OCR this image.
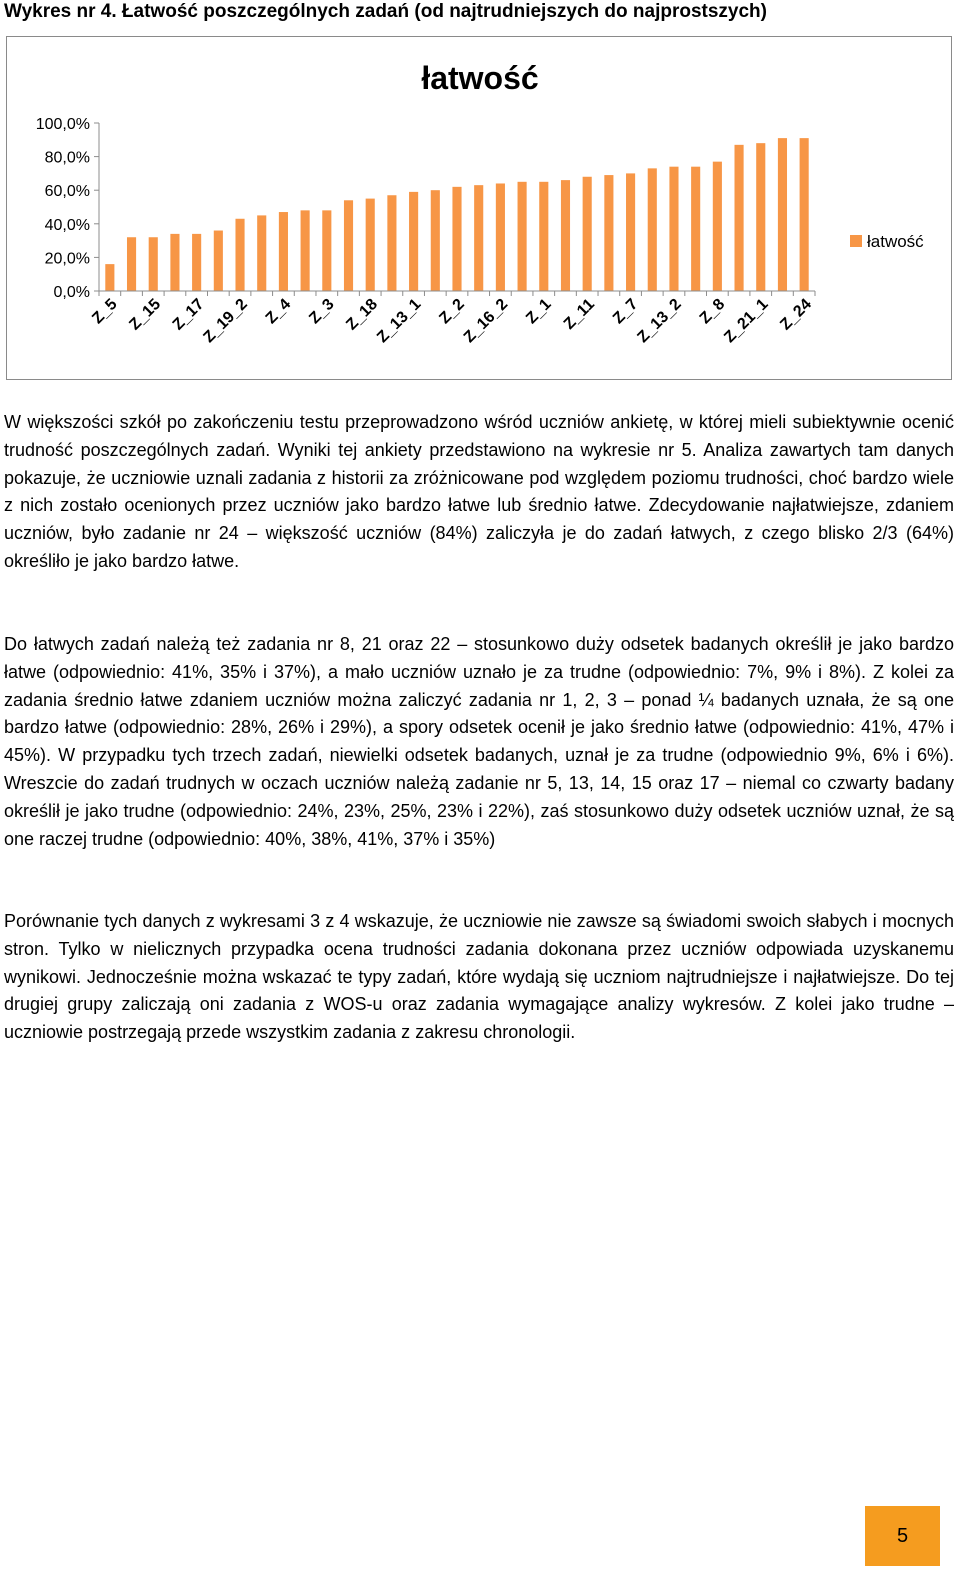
Wykres nr 4. Łatwość poszczególnych zadań (od najtrudniejszych do najprostszych)
łatwość
100,0%
80,0%
60,0%
40,0%
20,0%
0,0%
Z_5 Z_15 Z_17
Z_19_2 Z_4 Z_3 Z_18
Z_13_1 Z_2
Z_16_2 Z_1 Z_11 Z_7
Z_13_2 Z_8
Z_21_1 Z_24
łatwość
W większości szkół po zakończeniu testu przeprowadzono wśród uczniów ankietę, w której mieli subiektywnie ocenić trudność poszczególnych zadań. Wyniki tej ankiety przedstawiono na wykresie nr 5. Analiza zawartych tam danych pokazuje, że uczniowie uznali zadania z historii za zróżnicowane pod względem poziomu trudności, choć bardzo wiele z nich zostało ocenionych przez uczniów jako bardzo łatwe lub średnio łatwe. Zdecydowanie najłatwiejsze, zdaniem uczniów, było zadanie nr 24 – większość uczniów (84%) zaliczyła je do zadań łatwych, z czego blisko 2/3 (64%) określiło je jako bardzo łatwe.
Do łatwych zadań należą też zadania nr 8, 21 oraz 22 – stosunkowo duży odsetek badanych określił je jako bardzo łatwe (odpowiednio: 41%, 35% i 37%), a mało uczniów uznało je za trudne (odpowiednio: 7%, 9% i 8%). Z kolei za zadania średnio łatwe zdaniem uczniów można zaliczyć zadania nr 1, 2, 3 – ponad ¼ badanych uznała, że są one bardzo łatwe (odpowiednio: 28%, 26% i 29%), a spory odsetek ocenił je jako średnio łatwe (odpowiednio: 41%, 47% i 45%). W przypadku tych trzech zadań, niewielki odsetek badanych, uznał je za trudne (odpowiednio 9%, 6% i 6%). Wreszcie do zadań trudnych w oczach uczniów należą zadanie nr 5, 13, 14, 15 oraz 17 – niemal co czwarty badany określił je jako trudne (odpowiednio: 24%, 23%, 25%, 23% i 22%), zaś stosunkowo duży odsetek uczniów uznał, że są one raczej trudne (odpowiednio: 40%, 38%, 41%, 37% i 35%)
Porównanie tych danych z wykresami 3 z 4 wskazuje, że uczniowie nie zawsze są świadomi swoich słabych i mocnych stron. Tylko w nielicznych przypadka ocena trudności zadania dokonana przez uczniów odpowiada uzyskanemu wynikowi. Jednocześnie można wskazać te typy zadań, które wydają się uczniom najtrudniejsze i najłatwiejsze. Do tej drugiej grupy zaliczają oni zadania z WOS-u oraz zadania wymagające analizy wykresów. Z kolei jako trudne – uczniowie postrzegają przede wszystkim zadania z zakresu chronologii.
5
